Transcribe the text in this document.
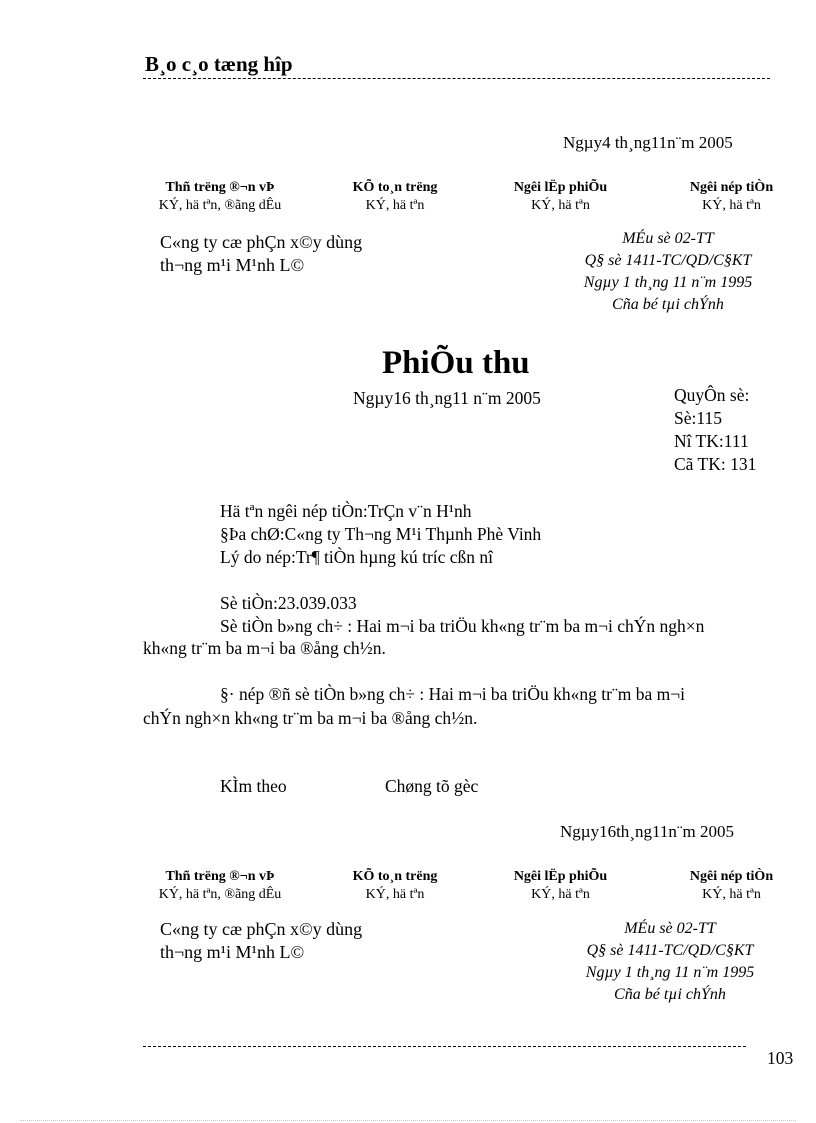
B¸o c¸o tæng hîp
Ngµy4 th¸ng11n¨m 2005
Thñ trëng ®¬n vÞ
KÝ, hä tªn, ®ãng dÊu
KÕ to¸n trëng
KÝ, hä tªn
Ngêi lËp phiÕu
KÝ, hä tªn
Ngêi nép tiÒn
KÝ, hä tªn
C«ng ty cæ phÇn x©y dùng
th¬ng m¹i M¹nh L©
MÉu sè 02-TT
Q§ sè 1411-TC/QD/C§KT
Ngµy 1 th¸ng 11 n¨m 1995
Cña bé tµi chÝnh
PhiÕu thu
Ngµy16 th¸ng11 n¨m 2005	QuyÔn sè:
Sè:115
Nî TK:111
Cã TK: 131
Hä tªn ngêi nép tiÒn:TrÇn v¨n H¹nh
§Þa chØ:C«ng ty Th¬ng M¹i Thµnh Phè Vinh
Lý do nép:Tr¶ tiÒn hµng kú tríc cßn nî
Sè tiÒn:23.039.033
Sè tiÒn b»ng ch÷ : Hai m¬i ba triÖu kh«ng tr¨m ba m¬i chÝn ngh×n
kh«ng tr¨m ba m¬i ba ®ång ch½n.
§· nép ®ñ sè tiÒn b»ng ch÷ : Hai m¬i ba triÖu kh«ng tr¨m ba m¬i
chÝn ngh×n kh«ng tr¨m ba m¬i ba ®ång ch½n.
KÌm theo	Chøng tõ gèc
Ngµy16th¸ng11n¨m 2005
Thñ trëng ®¬n vÞ
KÝ, hä tªn, ®ãng dÊu
KÕ to¸n trëng
KÝ, hä tªn
Ngêi lËp phiÕu
KÝ, hä tªn
Ngêi nép tiÒn
KÝ, hä tªn
C«ng ty cæ phÇn x©y dùng
th¬ng m¹i M¹nh L©
MÉu sè 02-TT
Q§ sè 1411-TC/QD/C§KT
Ngµy 1 th¸ng 11 n¨m 1995
Cña bé tµi chÝnh
103
